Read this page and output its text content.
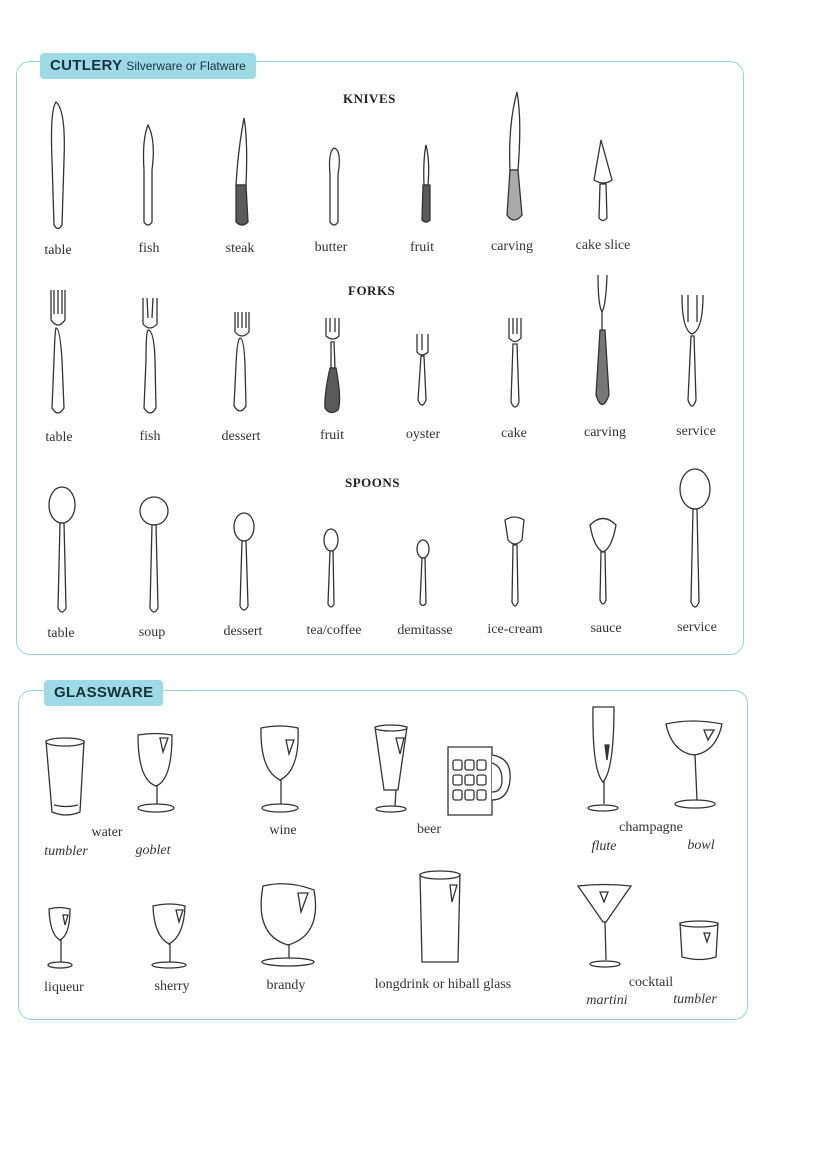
CUTLERY Silverware or Flatware
KNIVES
FORKS
SPOONS
table	fish	steak	butter	fruit	carving	cake slice
table	fish	dessert	fruit	oyster	cake	carving	service
table	soup	dessert	tea/coffee	demitasse ice-cream	sauce	service
GLASSWARE
water
tumbler	goblet
wine	beer	champagne
flute	bowl
liqueur	sherry	brandy	longdrink or hiball glass	cocktail
martini	tumbler
